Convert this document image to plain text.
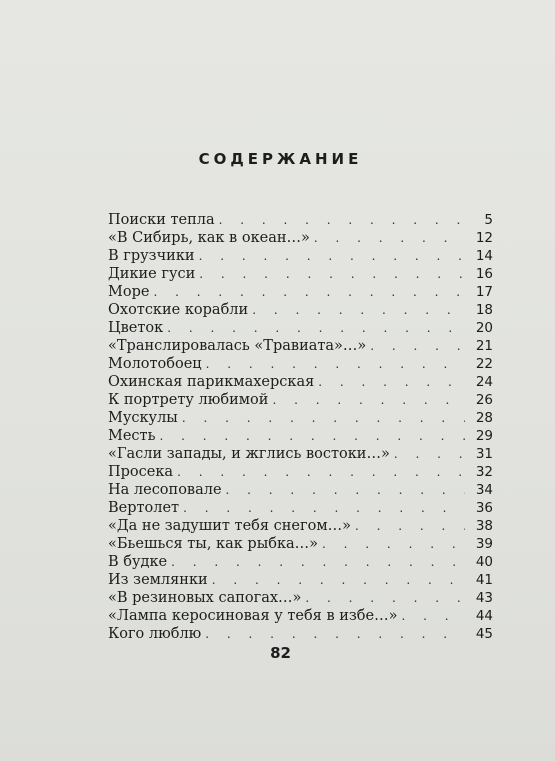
СОДЕРЖАНИЕ
Поиски тепла . . .	5
«В Сибирь, как в океан…» . . .	12
В грузчики . . .	14
Дикие гуси . . .	16
Море . . .	17
Охотские корабли . . .	18
Цветок . . .	20
«Транслировалась «Травиата»…» . . .	21
Молотобоец . . .	22
Охинская парикмахерская . . .	24
К портрету любимой . . .	26
Мускулы . . .	28
Месть . . .	29
«Гасли запады, и жглись востоки…» . . .	31
Просека . . .	32
На лесоповале . . .	34
Вертолет . . .	36
«Да не задушит тебя снегом…» . . .	38
«Бьешься ты, как рыбка…» . . .	39
В будке . . .	40
Из землянки . . .	41
«В резиновых сапогах…» . . .	43
«Лампа керосиновая у тебя в избе…» . . .	44
Кого люблю . . .	45
82
